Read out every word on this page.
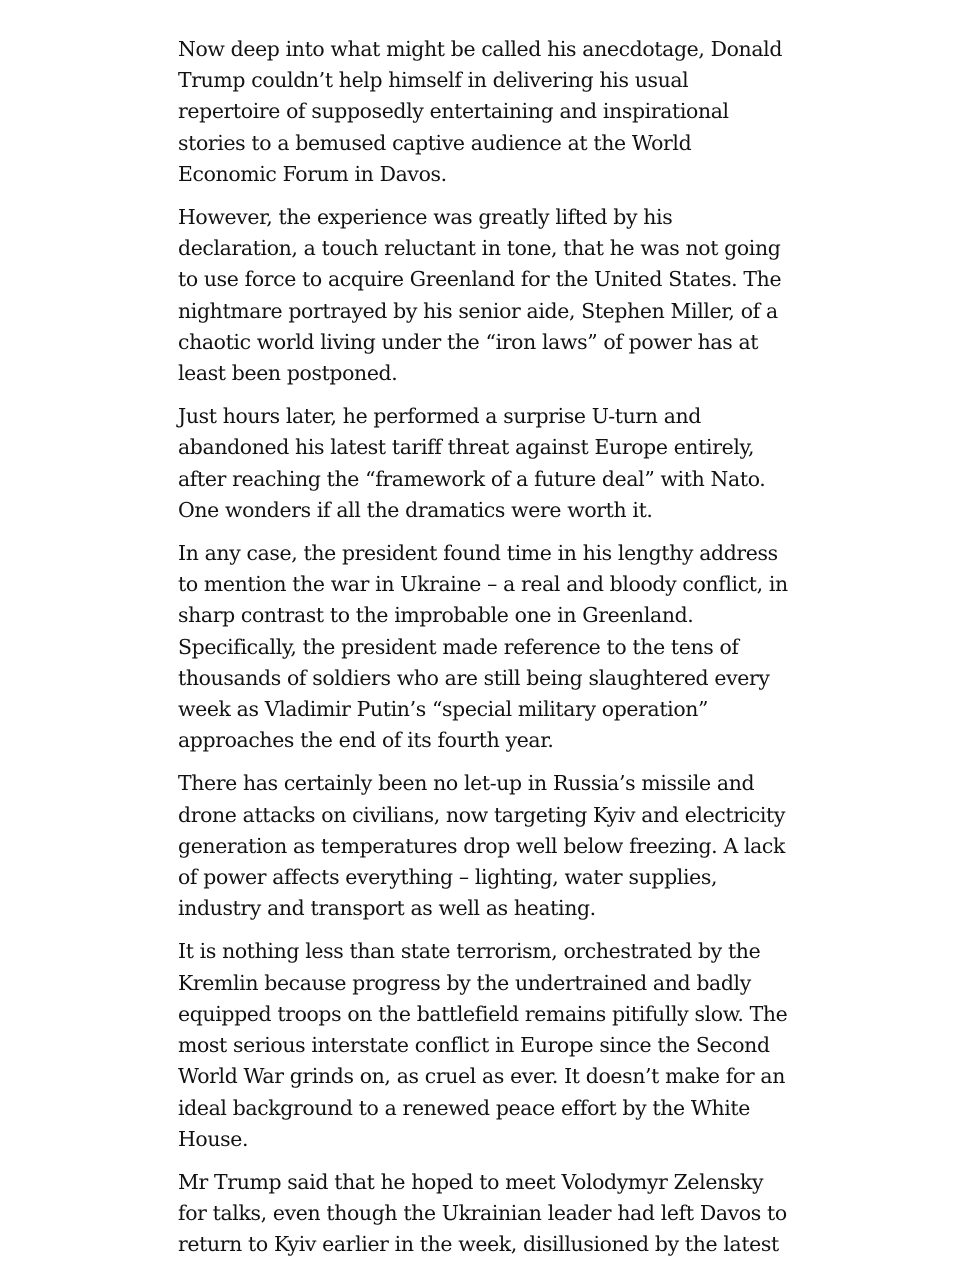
Now deep into what might be called his anecdotage, Donald Trump couldn’t help himself in delivering his usual repertoire of supposedly entertaining and inspirational stories to a bemused captive audience at the World Economic Forum in Davos.

However, the experience was greatly lifted by his declaration, a touch reluctant in tone, that he was not going to use force to acquire Greenland for the United States. The nightmare portrayed by his senior aide, Stephen Miller, of a chaotic world living under the “iron laws” of power has at least been postponed.

Just hours later, he performed a surprise U-turn and abandoned his latest tariff threat against Europe entirely, after reaching the “framework of a future deal” with Nato. One wonders if all the dramatics were worth it.

In any case, the president found time in his lengthy address to mention the war in Ukraine – a real and bloody conflict, in sharp contrast to the improbable one in Greenland. Specifically, the president made reference to the tens of thousands of soldiers who are still being slaughtered every week as Vladimir Putin’s “special military operation” approaches the end of its fourth year.

There has certainly been no let-up in Russia’s missile and drone attacks on civilians, now targeting Kyiv and electricity generation as temperatures drop well below freezing. A lack of power affects everything – lighting, water supplies, industry and transport as well as heating.

It is nothing less than state terrorism, orchestrated by the Kremlin because progress by the undertrained and badly equipped troops on the battlefield remains pitifully slow. The most serious interstate conflict in Europe since the Second World War grinds on, as cruel as ever. It doesn’t make for an ideal background to a renewed peace effort by the White House.

Mr Trump said that he hoped to meet Volodymyr Zelensky for talks, even though the Ukrainian leader had left Davos to return to Kyiv earlier in the week, disillusioned by the latest
